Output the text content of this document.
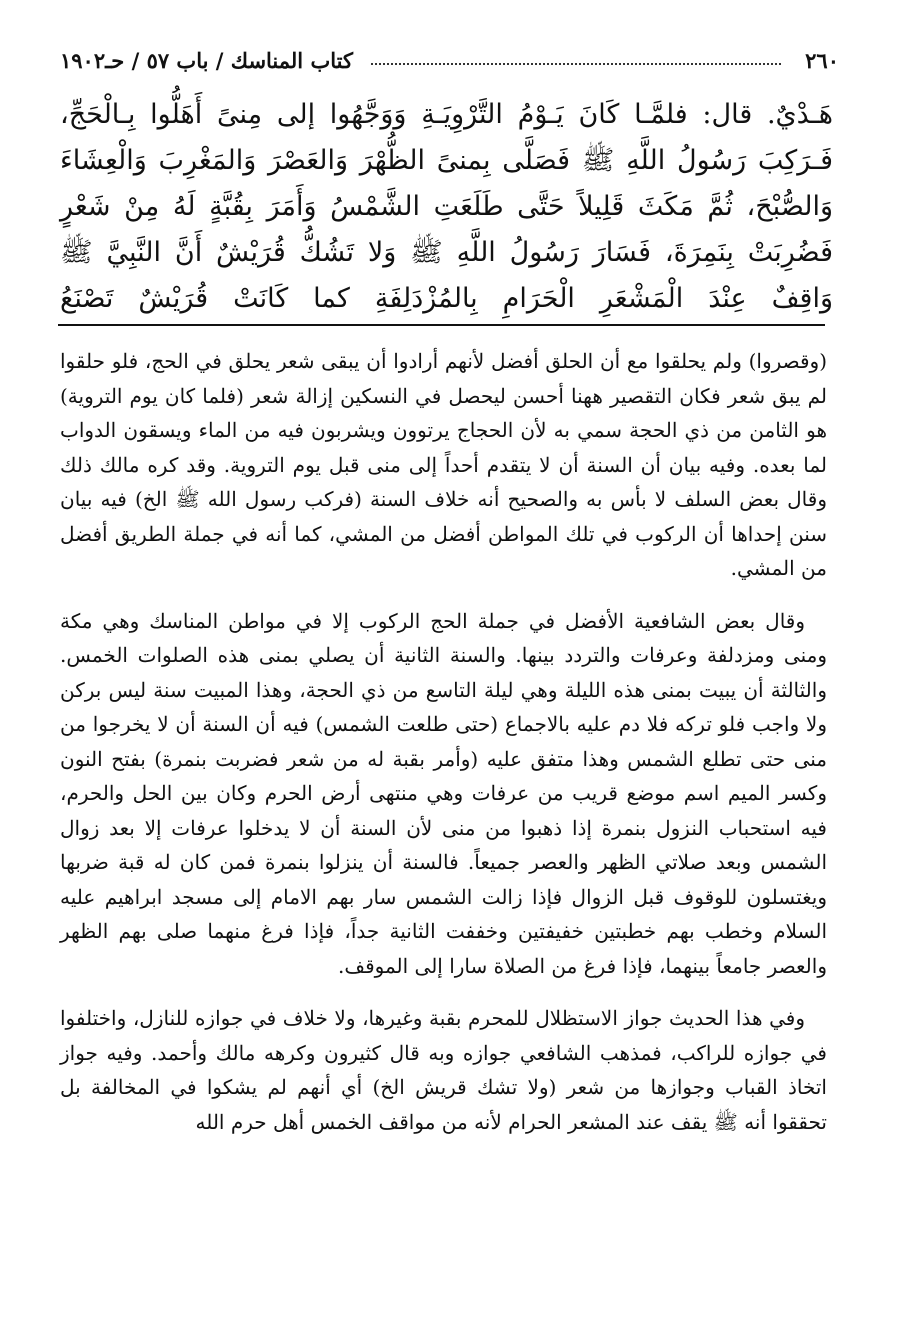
٢٦٠
كتاب المناسك / باب ٥٧ / حـ١٩٠٢

هَـدْيٌ. قال: فلمَّـا كَانَ يَـوْمُ التَّرْوِيَـةِ وَوَجَّهُوا إلى مِنىً أَهَلُّوا بِـالْحَجِّ، فَـرَكِبَ رَسُولُ اللَّهِ ﷺ فَصَلَّى بِمنىً الظُّهْرَ وَالعَصْرَ وَالمَغْرِبَ وَالْعِشَاءَ وَالصُّبْحَ، ثُمَّ مَكَثَ قَلِيلاً حَتَّى طَلَعَتِ الشَّمْسُ وَأَمَرَ بِقُبَّةٍ لَهُ مِنْ شَعْرٍ فَضُرِبَتْ بِنَمِرَةَ، فَسَارَ رَسُولُ اللَّهِ ﷺ وَلا تَشُكُّ قُرَيْشٌ أَنَّ النَّبِيَّ ﷺ وَاقِفٌ عِنْدَ الْمَشْعَرِ الْحَرَامِ بِالمُزْدَلِفَةِ كما كَانَتْ قُرَيْشٌ تَصْنَعُ

(وقصروا) ولم يحلقوا مع أن الحلق أفضل لأنهم أرادوا أن يبقى شعر يحلق في الحج، فلو حلقوا لم يبق شعر فكان التقصير ههنا أحسن ليحصل في النسكين إزالة شعر (فلما كان يوم التروية) هو الثامن من ذي الحجة سمي به لأن الحجاج يرتوون ويشربون فيه من الماء ويسقون الدواب لما بعده. وفيه بيان أن السنة أن لا يتقدم أحداً إلى منى قبل يوم التروية. وقد كره مالك ذلك وقال بعض السلف لا بأس به والصحيح أنه خلاف السنة (فركب رسول الله ﷺ الخ) فيه بيان سنن إحداها أن الركوب في تلك المواطن أفضل من المشي، كما أنه في جملة الطريق أفضل من المشي.

وقال بعض الشافعية الأفضل في جملة الحج الركوب إلا في مواطن المناسك وهي مكة ومنى ومزدلفة وعرفات والتردد بينها. والسنة الثانية أن يصلي بمنى هذه الصلوات الخمس. والثالثة أن يبيت بمنى هذه الليلة وهي ليلة التاسع من ذي الحجة، وهذا المبيت سنة ليس بركن ولا واجب فلو تركه فلا دم عليه بالاجماع (حتى طلعت الشمس) فيه أن السنة أن لا يخرجوا من منى حتى تطلع الشمس وهذا متفق عليه (وأمر بقبة له من شعر فضربت بنمرة) بفتح النون وكسر الميم اسم موضع قريب من عرفات وهي منتهى أرض الحرم وكان بين الحل والحرم، فيه استحباب النزول بنمرة إذا ذهبوا من منى لأن السنة أن لا يدخلوا عرفات إلا بعد زوال الشمس وبعد صلاتي الظهر والعصر جميعاً. فالسنة أن ينزلوا بنمرة فمن كان له قبة ضربها ويغتسلون للوقوف قبل الزوال فإذا زالت الشمس سار بهم الامام إلى مسجد ابراهيم عليه السلام وخطب بهم خطبتين خفيفتين وخففت الثانية جداً، فإذا فرغ منهما صلى بهم الظهر والعصر جامعاً بينهما، فإذا فرغ من الصلاة سارا إلى الموقف.

وفي هذا الحديث جواز الاستظلال للمحرم بقبة وغيرها، ولا خلاف في جوازه للنازل، واختلفوا في جوازه للراكب، فمذهب الشافعي جوازه وبه قال كثيرون وكرهه مالك وأحمد. وفيه جواز اتخاذ القباب وجوازها من شعر (ولا تشك قريش الخ) أي أنهم لم يشكوا في المخالفة بل تحققوا أنه ﷺ يقف عند المشعر الحرام لأنه من مواقف الخمس أهل حرم الله
